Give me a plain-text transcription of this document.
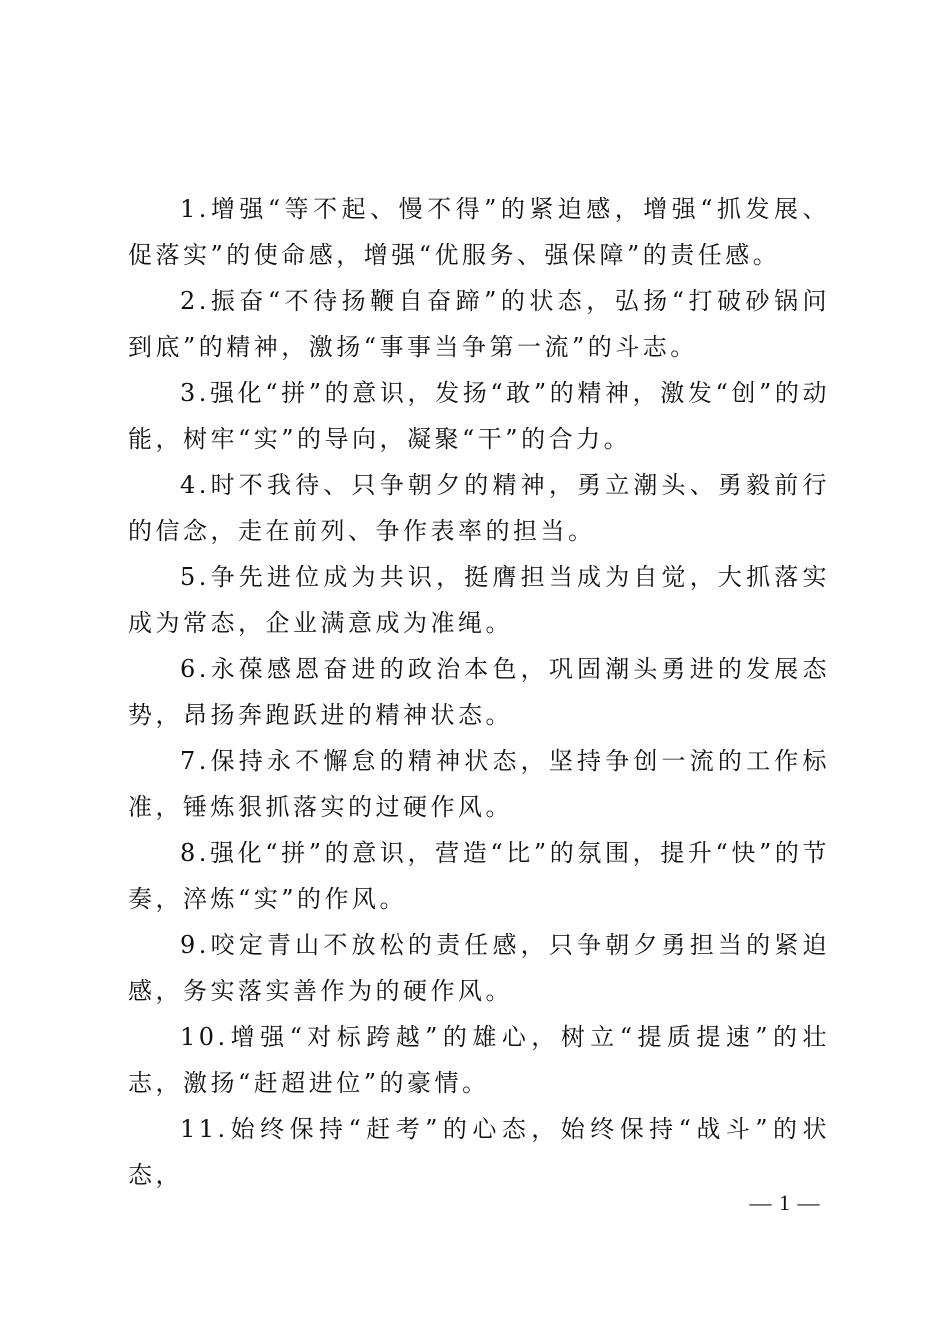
1.增强“等不起、慢不得”的紧迫感，增强“抓发展、促落实”的使命感，增强“优服务、强保障”的责任感。

2.振奋“不待扬鞭自奋蹄”的状态，弘扬“打破砂锅问到底”的精神，激扬“事事当争第一流”的斗志。

3.强化“拼”的意识，发扬“敢”的精神，激发“创”的动能，树牢“实”的导向，凝聚“干”的合力。

4.时不我待、只争朝夕的精神，勇立潮头、勇毅前行的信念，走在前列、争作表率的担当。

5.争先进位成为共识，挺膺担当成为自觉，大抓落实成为常态，企业满意成为准绳。

6.永葆感恩奋进的政治本色，巩固潮头勇进的发展态势，昂扬奔跑跃进的精神状态。

7.保持永不懈怠的精神状态，坚持争创一流的工作标准，锤炼狠抓落实的过硬作风。

8.强化“拼”的意识，营造“比”的氛围，提升“快”的节奏，淬炼“实”的作风。

9.咬定青山不放松的责任感，只争朝夕勇担当的紧迫感，务实落实善作为的硬作风。

10.增强“对标跨越”的雄心，树立“提质提速”的壮志，激扬“赶超进位”的豪情。

11.始终保持“赶考”的心态，始终保持“战斗”的状态，

— 1 —
